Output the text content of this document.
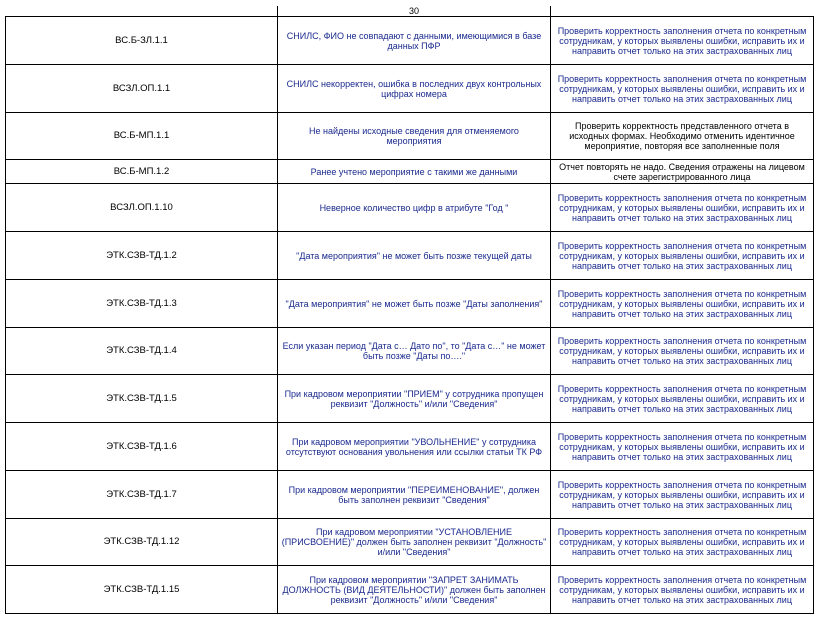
	30	
ВС.Б-ЗЛ.1.1	СНИЛС, ФИО не совпадают с данными, имеющимися в базе данных ПФР	Проверить корректность заполнения отчета по конкретным сотрудникам, у которых выявлены ошибки, исправить их и направить отчет только на этих застрахованных лиц
ВСЗЛ.ОП.1.1	СНИЛС некорректен, ошибка в последних двух контрольных цифрах номера	Проверить корректность заполнения отчета по конкретным сотрудникам, у которых выявлены ошибки, исправить их и направить отчет только на этих застрахованных лиц
ВС.Б-МП.1.1	Не найдены исходные сведения для отменяемого мероприятия	Проверить корректность представленного отчета в исходных формах. Необходимо отменить идентичное мероприятие, повторяя все заполненные поля
ВС.Б-МП.1.2	Ранее учтено мероприятие с такими же данными	Отчет повторять не надо. Сведения отражены на лицевом счете зарегистрированного лица
ВСЗЛ.ОП.1.10	Неверное количество цифр в атрибуте "Год "	Проверить корректность заполнения отчета по конкретным сотрудникам, у которых выявлены ошибки, исправить их и направить отчет только на этих застрахованных лиц
ЭТК.СЗВ-ТД.1.2	"Дата мероприятия" не может быть позже текущей даты	Проверить корректность заполнения отчета по конкретным сотрудникам, у которых выявлены ошибки, исправить их и направить отчет только на этих застрахованных лиц
ЭТК.СЗВ-ТД.1.3	"Дата мероприятия" не может быть позже "Даты заполнения"	Проверить корректность заполнения отчета по конкретным сотрудникам, у которых выявлены ошибки, исправить их и направить отчет только на этих застрахованных лиц
ЭТК.СЗВ-ТД.1.4	Если указан период "Дата с… Дато по", то "Дата с…" не может быть позже "Даты по…."	Проверить корректность заполнения отчета по конкретным сотрудникам, у которых выявлены ошибки, исправить их и направить отчет только на этих застрахованных лиц
ЭТК.СЗВ-ТД.1.5	При кадровом мероприятии "ПРИЕМ" у сотрудника пропущен реквизит "Должность" и/или "Сведения"	Проверить корректность заполнения отчета по конкретным сотрудникам, у которых выявлены ошибки, исправить их и направить отчет только на этих застрахованных лиц
ЭТК.СЗВ-ТД.1.6	При кадровом мероприятии "УВОЛЬНЕНИЕ" у сотрудника отсутствуют основания увольнения или ссылки статьи ТК РФ	Проверить корректность заполнения отчета по конкретным сотрудникам, у которых выявлены ошибки, исправить их и направить отчет только на этих застрахованных лиц
ЭТК.СЗВ-ТД.1.7	При кадровом мероприятии "ПЕРЕИМЕНОВАНИЕ", должен быть заполнен реквизит "Сведения"	Проверить корректность заполнения отчета по конкретным сотрудникам, у которых выявлены ошибки, исправить их и направить отчет только на этих застрахованных лиц
ЭТК.СЗВ-ТД.1.12	При кадровом мероприятии "УСТАНОВЛЕНИЕ (ПРИСВОЕНИЕ)" должен быть заполнен реквизит "Должность" и/или "Сведения"	Проверить корректность заполнения отчета по конкретным сотрудникам, у которых выявлены ошибки, исправить их и направить отчет только на этих застрахованных лиц
ЭТК.СЗВ-ТД.1.15	При кадровом мероприятии "ЗАПРЕТ ЗАНИМАТЬ ДОЛЖНОСТЬ (ВИД ДЕЯТЕЛЬНОСТИ)" должен быть заполнен реквизит "Должность" и/или "Сведения"	Проверить корректность заполнения отчета по конкретным сотрудникам, у которых выявлены ошибки, исправить их и направить отчет только на этих застрахованных лиц
